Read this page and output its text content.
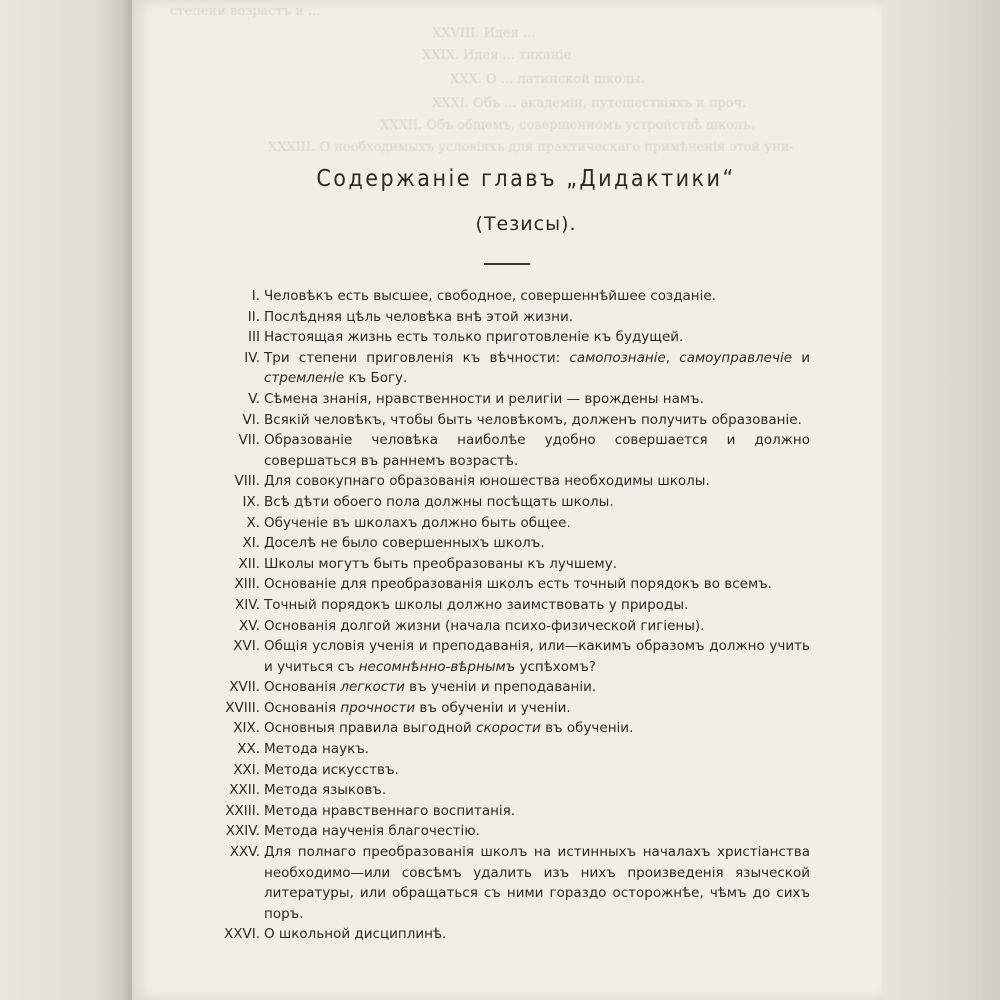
степени возрастъ и ...
XXVIII. Идея ...
XXIX. Идея ... тиканіе
XXX. О ... латинской школы.
XXXI. Объ ... академіи, путешествіяхъ и проч.
XXXII. Объ общемъ, совершенномъ устройствѣ школъ.
XXXIII. О необходимыхъ условіяхъ для практическаго примѣненія этой уни-
Содержаніе главъ „Дидактики“
(Тезисы).
I. Человѣкъ есть высшее, свободное, совершеннѣйшее созданіе.
II. Послѣдняя цѣль человѣка внѣ этой жизни.
III Настоящая жизнь есть только приготовленіе къ будущей.
IV. Три степени приговленія къ вѣчности: самопознаніе, самоуправлечіе и стремленіе къ Богу.
V. Сѣмена знанія, нравственности и религіи — врождены намъ.
VI. Всякій человѣкъ, чтобы быть человѣкомъ, долженъ получить образованіе.
VII. Образованіе человѣка наиболѣе удобно совершается и должно совершаться въ раннемъ возрастѣ.
VIII. Для совокупнаго образованія юношества необходимы школы.
IX. Всѣ дѣти обоего пола должны посѣщать школы.
X. Обученіе въ школахъ должно быть общее.
XI. Доселѣ не было совершенныхъ школъ.
XII. Школы могутъ быть преобразованы къ лучшему.
XIII. Основаніе для преобразованія школъ есть точный порядокъ во всемъ.
XIV. Точный порядокъ школы должно заимствовать у природы.
XV. Основанія долгой жизни (начала психо-физической гигіены).
XVI. Общія условія ученія и преподаванія, или—какимъ образомъ должно учить и учиться съ несомнѣнно-вѣрнымъ успѣхомъ?
XVII. Основанія легкости въ ученіи и преподаваніи.
XVIII. Основанія прочности въ обученіи и ученіи.
XIX. Основныя правила выгодной скорости въ обученіи.
XX. Метода наукъ.
XXI. Метода искусствъ.
XXII. Метода языковъ.
XXIII. Метода нравственнаго воспитанія.
XXIV. Метода наученія благочестію.
XXV. Для полнаго преобразованія школъ на истинныхъ началахъ христіанства необходимо—или совсѣмъ удалить изъ нихъ произведенія языческой литературы, или обращаться съ ними гораздо осторожнѣе, чѣмъ до сихъ поръ.
XXVI. О школьной дисциплинѣ.
